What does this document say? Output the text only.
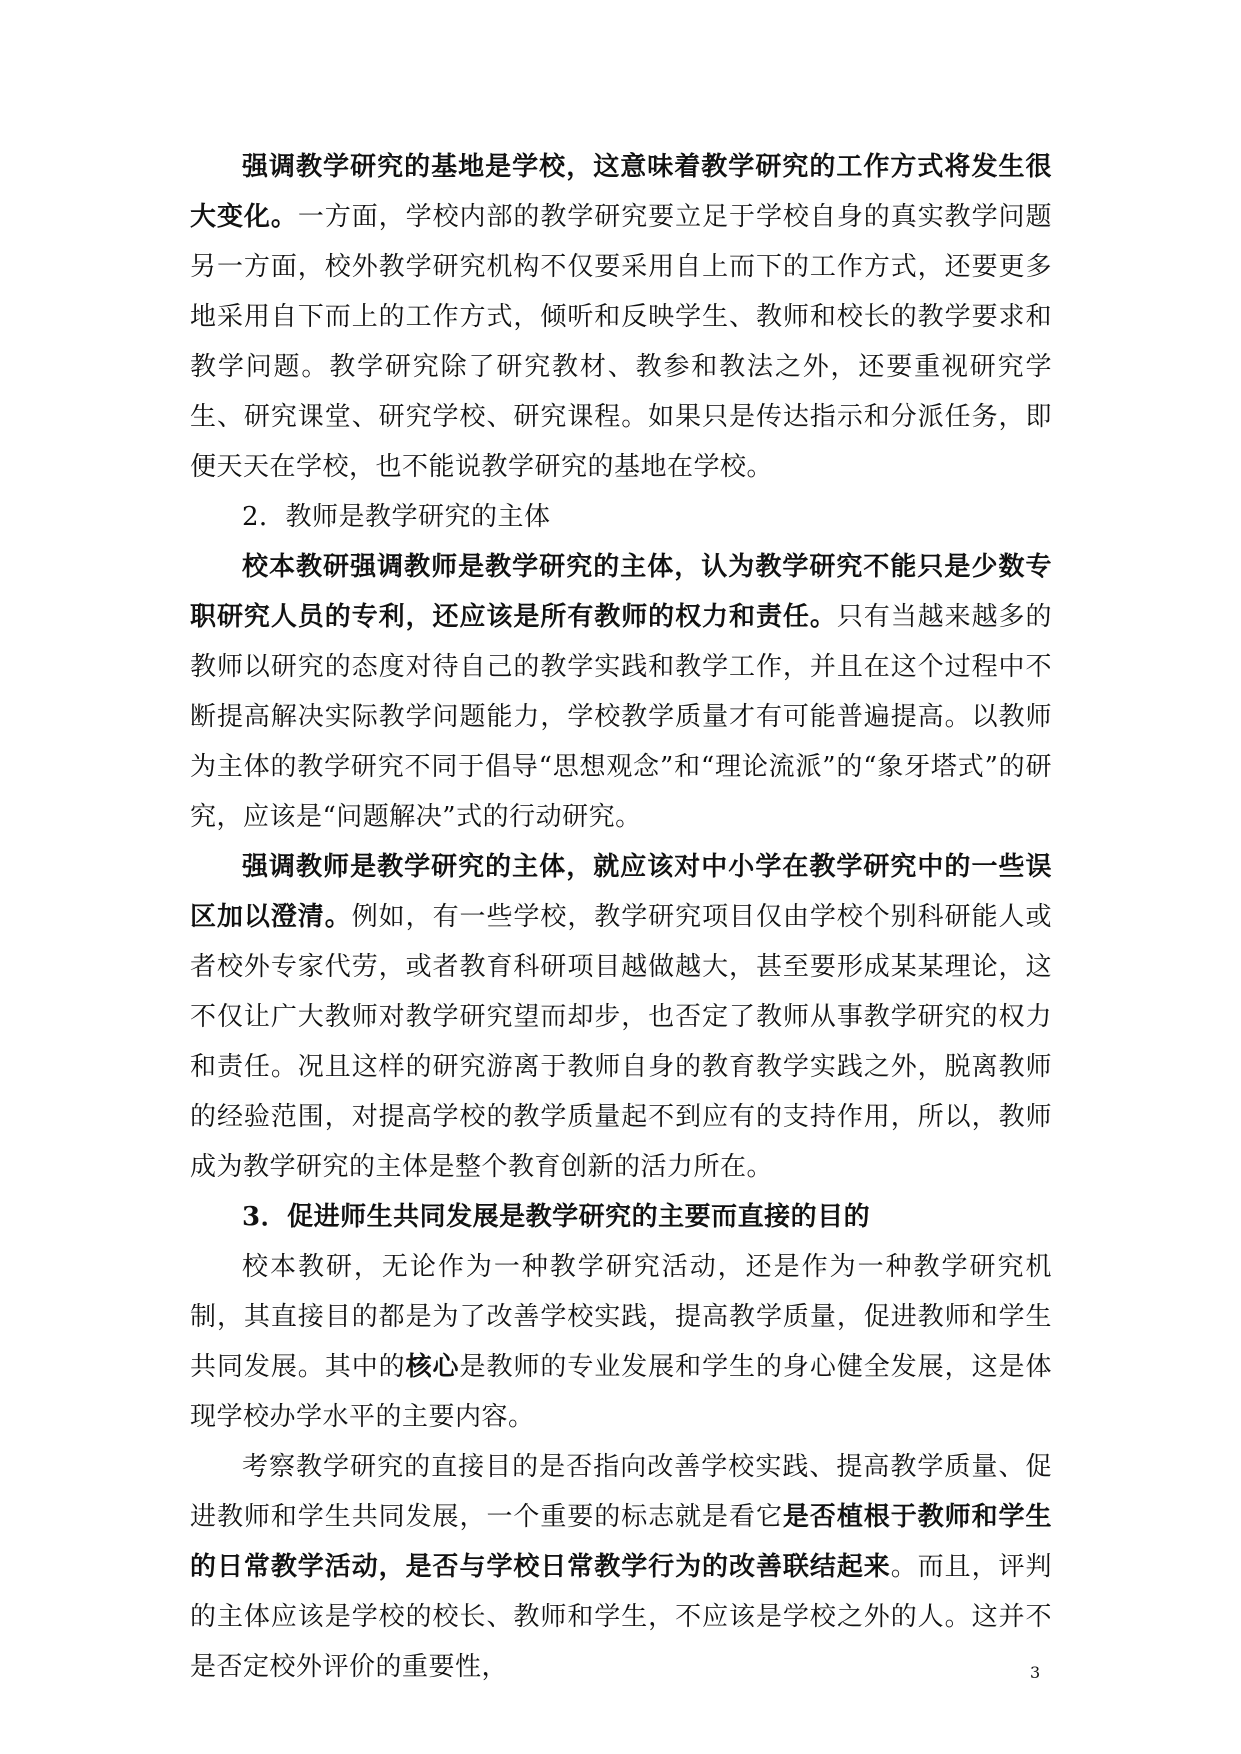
强调教学研究的基地是学校，这意味着教学研究的工作方式将发生很大变化。一方面，学校内部的教学研究要立足于学校自身的真实教学问题 另一方面，校外教学研究机构不仅要采用自上而下的工作方式，还要更多地采用自下而上的工作方式，倾听和反映学生、教师和校长的教学要求和教学问题。教学研究除了研究教材、教参和教法之外，还要重视研究学生、研究课堂、研究学校、研究课程。如果只是传达指示和分派任务，即便天天在学校，也不能说教学研究的基地在学校。

2．教师是教学研究的主体

校本教研强调教师是教学研究的主体，认为教学研究不能只是少数专职研究人员的专利，还应该是所有教师的权力和责任。只有当越来越多的教师以研究的态度对待自己的教学实践和教学工作，并且在这个过程中不断提高解决实际教学问题能力，学校教学质量才有可能普遍提高。以教师为主体的教学研究不同于倡导“思想观念”和“理论流派”的“象牙塔式”的研究，应该是“问题解决”式的行动研究。

强调教师是教学研究的主体，就应该对中小学在教学研究中的一些误区加以澄清。例如，有一些学校，教学研究项目仅由学校个别科研能人或者校外专家代劳，或者教育科研项目越做越大，甚至要形成某某理论，这不仅让广大教师对教学研究望而却步，也否定了教师从事教学研究的权力和责任。况且这样的研究游离于教师自身的教育教学实践之外，脱离教师的经验范围，对提高学校的教学质量起不到应有的支持作用，所以，教师成为教学研究的主体是整个教育创新的活力所在。

3．促进师生共同发展是教学研究的主要而直接的目的

校本教研，无论作为一种教学研究活动，还是作为一种教学研究机制，其直接目的都是为了改善学校实践，提高教学质量，促进教师和学生共同发展。其中的核心是教师的专业发展和学生的身心健全发展，这是体现学校办学水平的主要内容。

考察教学研究的直接目的是否指向改善学校实践、提高教学质量、促进教师和学生共同发展，一个重要的标志就是看它是否植根于教师和学生的日常教学活动，是否与学校日常教学行为的改善联结起来。而且，评判的主体应该是学校的校长、教师和学生，不应该是学校之外的人。这并不是否定校外评价的重要性，	3
